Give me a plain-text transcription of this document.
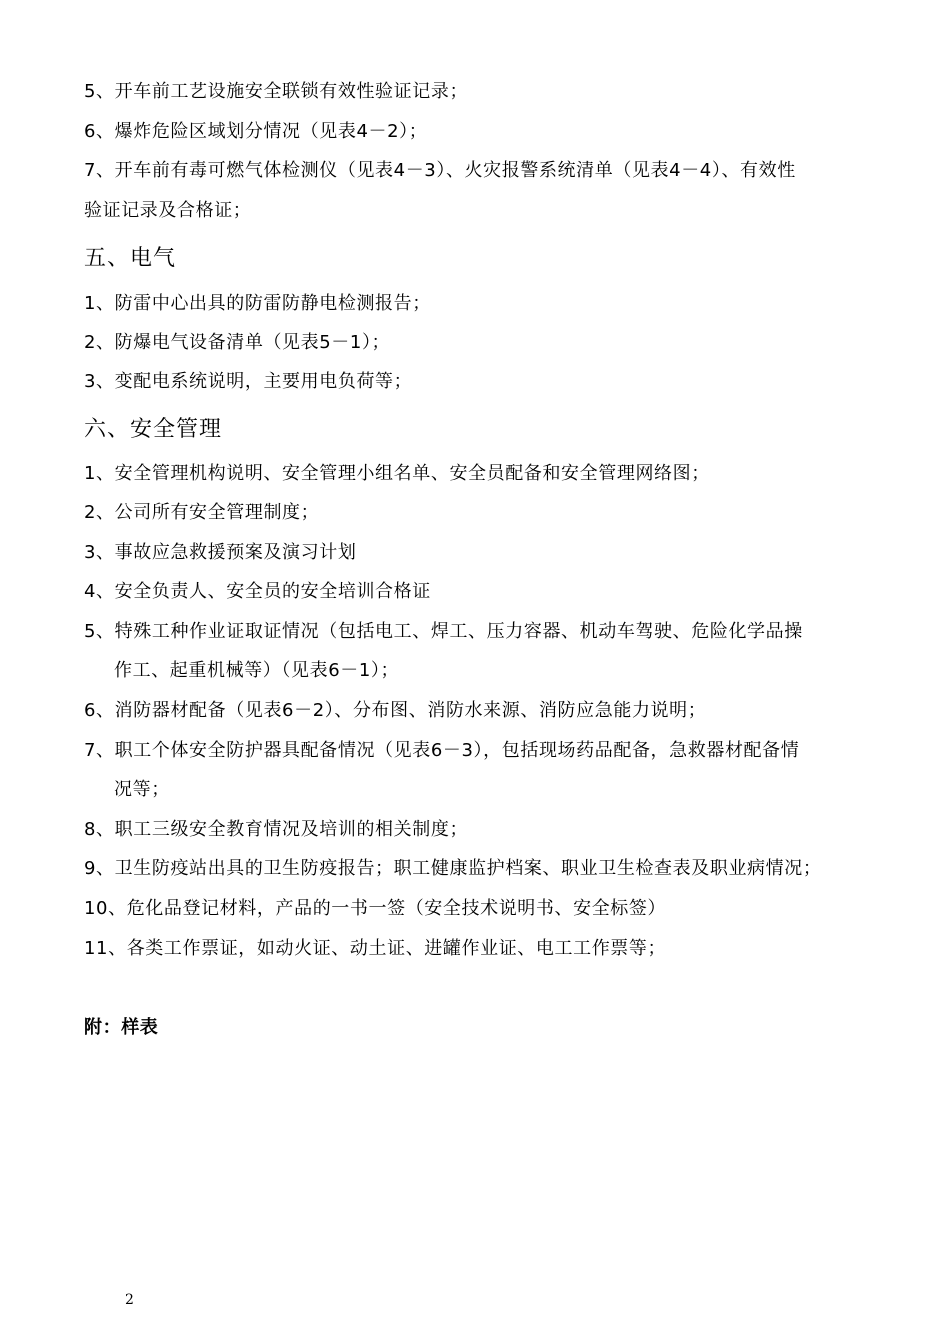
5、开车前工艺设施安全联锁有效性验证记录；
6、爆炸危险区域划分情况（见表4－2）；
7、开车前有毒可燃气体检测仪（见表4－3）、火灾报警系统清单（见表4－4）、有效性
验证记录及合格证；
五、电气
1、防雷中心出具的防雷防静电检测报告；
2、防爆电气设备清单（见表5－1）；
3、变配电系统说明，主要用电负荷等；
六、安全管理
1、安全管理机构说明、安全管理小组名单、安全员配备和安全管理网络图；
2、公司所有安全管理制度；
3、事故应急救援预案及演习计划
4、安全负责人、安全员的安全培训合格证
5、特殊工种作业证取证情况（包括电工、焊工、压力容器、机动车驾驶、危险化学品操
作工、起重机械等）（见表6－1）；
6、消防器材配备（见表6－2）、分布图、消防水来源、消防应急能力说明；
7、职工个体安全防护器具配备情况（见表6－3），包括现场药品配备，急救器材配备情
况等；
8、职工三级安全教育情况及培训的相关制度；
9、卫生防疫站出具的卫生防疫报告；职工健康监护档案、职业卫生检查表及职业病情况；
10、危化品登记材料，产品的一书一签（安全技术说明书、安全标签）
11、各类工作票证，如动火证、动土证、进罐作业证、电工工作票等；
附：样表
2
